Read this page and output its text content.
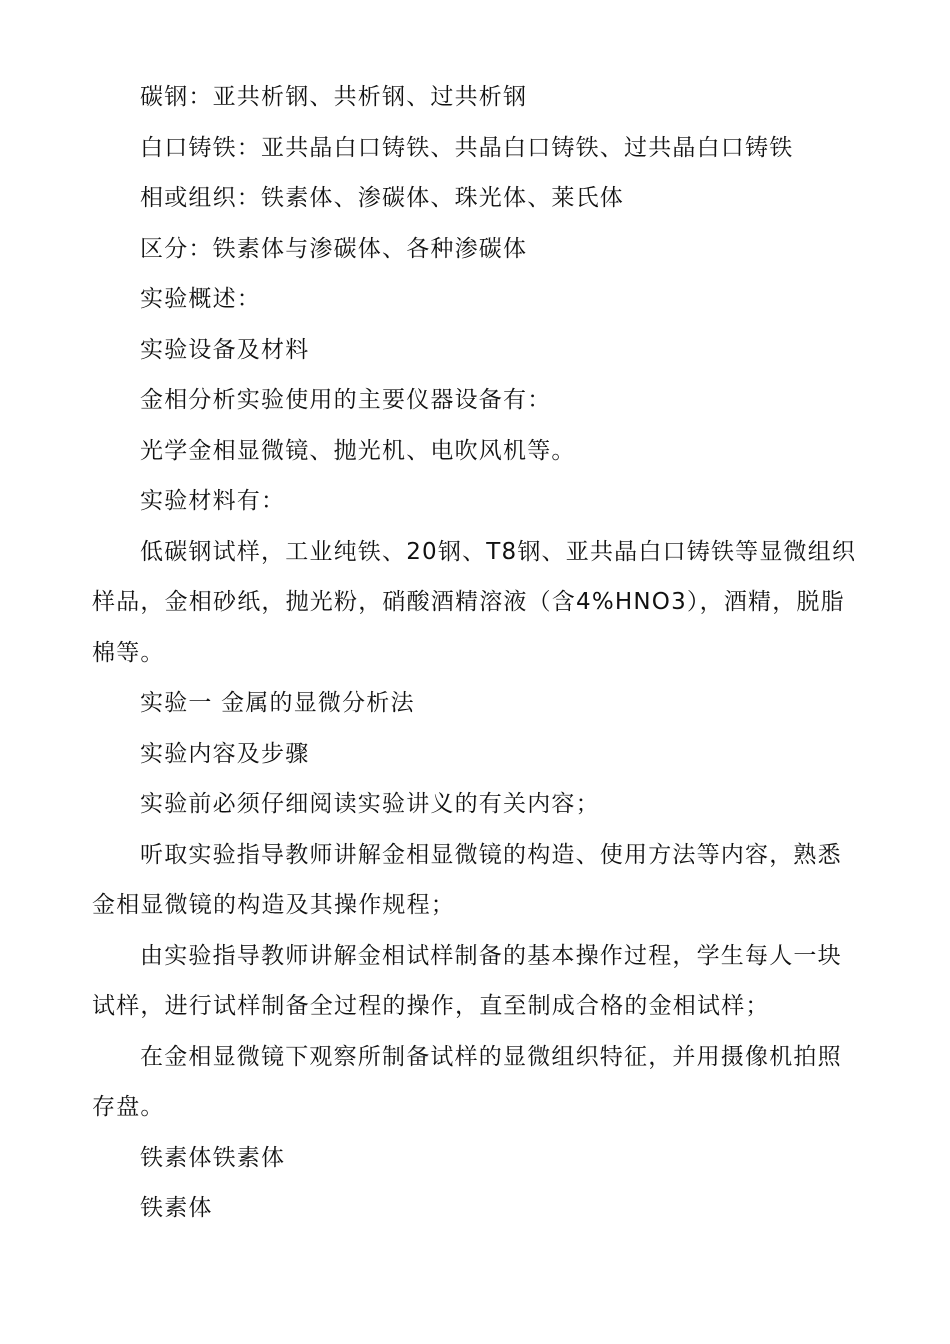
碳钢：亚共析钢、共析钢、过共析钢

白口铸铁：亚共晶白口铸铁、共晶白口铸铁、过共晶白口铸铁

相或组织：铁素体、渗碳体、珠光体、莱氏体

区分：铁素体与渗碳体、各种渗碳体

实验概述：

实验设备及材料

金相分析实验使用的主要仪器设备有：

光学金相显微镜、抛光机、电吹风机等。

实验材料有：

低碳钢试样，工业纯铁、20钢、T8钢、亚共晶白口铸铁等显微组织样品，金相砂纸，抛光粉，硝酸酒精溶液（含4%HNO3），酒精，脱脂棉等。

实验一 金属的显微分析法

实验内容及步骤

实验前必须仔细阅读实验讲义的有关内容；

听取实验指导教师讲解金相显微镜的构造、使用方法等内容，熟悉金相显微镜的构造及其操作规程；

由实验指导教师讲解金相试样制备的基本操作过程，学生每人一块试样，进行试样制备全过程的操作，直至制成合格的金相试样；

在金相显微镜下观察所制备试样的显微组织特征，并用摄像机拍照存盘。

铁素体铁素体

铁素体
